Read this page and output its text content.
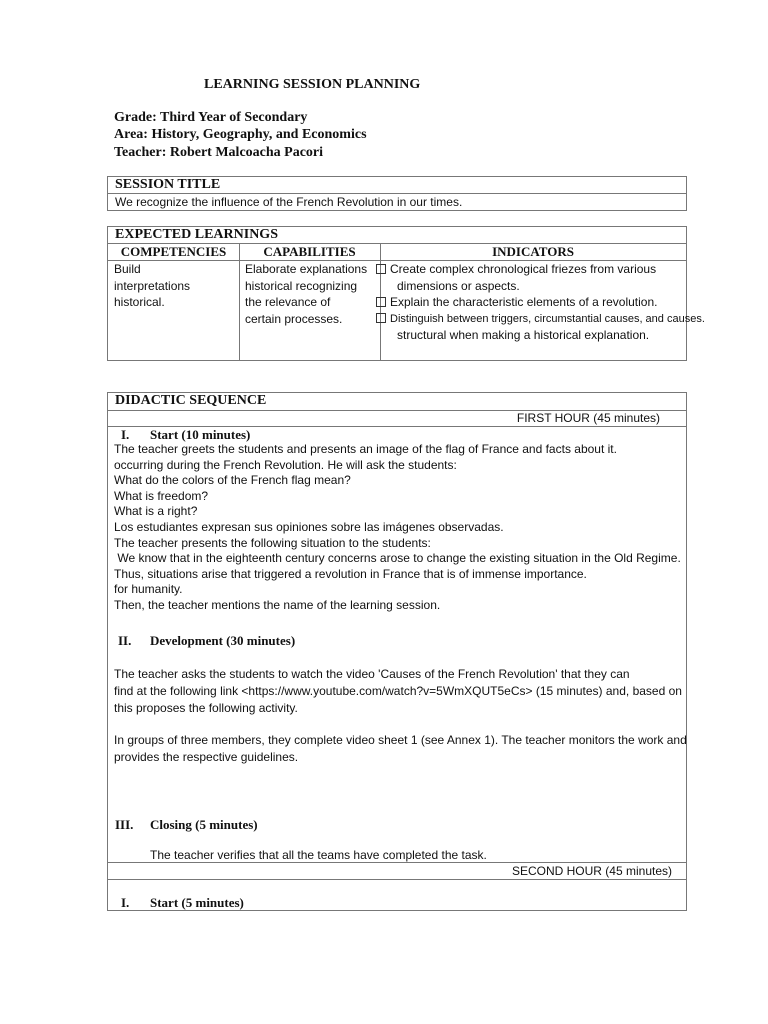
LEARNING SESSION PLANNING
Grade: Third Year of Secondary
Area: History, Geography, and Economics
Teacher: Robert Malcoacha Pacori
SESSION TITLE
We recognize the influence of the French Revolution in our times.
EXPECTED LEARNINGS
COMPETENCIES	CAPABILITIES	INDICATORS
Build
interpretations
historical.
Elaborate explanations
historical recognizing
the relevance of
certain processes.
Create complex chronological friezes from various
dimensions or aspects.
Explain the characteristic elements of a revolution.
Distinguish between triggers, circumstantial causes, and causes.
structural when making a historical explanation.
DIDACTIC SEQUENCE
FIRST HOUR (45 minutes)
I. Start (10 minutes)
The teacher greets the students and presents an image of the flag of France and facts about it.
occurring during the French Revolution. He will ask the students:
What do the colors of the French flag mean?
What is freedom?
What is a right?
Los estudiantes expresan sus opiniones sobre las imágenes observadas.
The teacher presents the following situation to the students:
We know that in the eighteenth century concerns arose to change the existing situation in the Old Regime.
Thus, situations arise that triggered a revolution in France that is of immense importance.
for humanity.
Then, the teacher mentions the name of the learning session.
II. Development (30 minutes)
The teacher asks the students to watch the video 'Causes of the French Revolution' that they can
find at the following link <https://www.youtube.com/watch?v=5WmXQUT5eCs> (15 minutes) and, based on
this proposes the following activity.
In groups of three members, they complete video sheet 1 (see Annex 1). The teacher monitors the work and
provides the respective guidelines.
III. Closing (5 minutes)
The teacher verifies that all the teams have completed the task.
SECOND HOUR (45 minutes)
I. Start (5 minutes)
